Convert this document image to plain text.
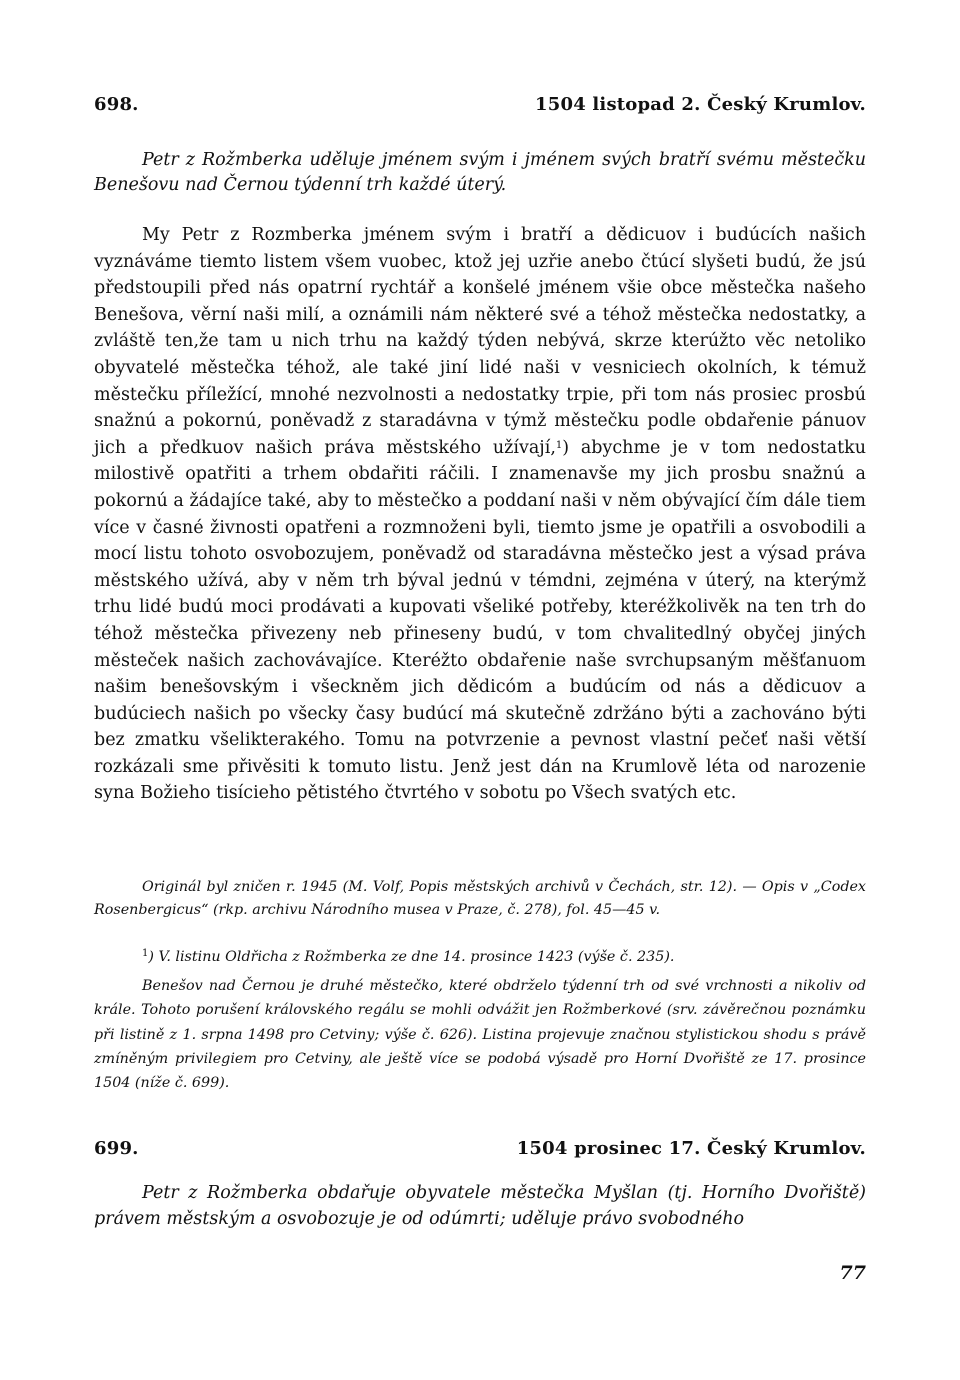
698.	1504 listopad 2. Český Krumlov.

Petr z Rožmberka uděluje jménem svým i jménem svých bratří svému městečku Benešovu nad Černou týdenní trh každé úterý.

My Petr z Rozmberka jménem svým i bratří a dědicuov i budúcích našich vyznáváme tiemto listem všem vuobec, ktož jej uzřie anebo čtúcí slyšeti budú, že jsú předstoupili před nás opatrní rychtář a konšelé jménem všie obce městečka našeho Benešova, věrní naši milí, a oznámili nám některé své a téhož městečka nedostatky, a zvláště ten,že tam u nich trhu na každý týden nebývá, skrze kterúžto věc netoliko obyvatelé městečka téhož, ale také jiní lidé naši v vesniciech okolních, k témuž městečku příležící, mnohé nezvolnosti a nedostatky trpie, při tom nás prosiec prosbú snažnú a pokornú, poněvadž z staradávna v týmž městečku podle obdařenie pánuov jich a předkuov našich práva městského užívají,$^1$) abychme je v tom nedostatku milostivě opatřiti a trhem obdařiti ráčili. I znamenavše my jich prosbu snažnú a pokornú a žádajíce také, aby to městečko a poddaní naši v něm obývající čím dále tiem více v časné živnosti opatřeni a rozmnoženi byli, tiemto jsme je opatřili a osvobodili a mocí listu tohoto osvobozujem, poněvadž od staradávna městečko jest a výsad práva městského užívá, aby v něm trh býval jednú v témdni, zejména v úterý, na kterýmž trhu lidé budú moci prodávati a kupovati všeliké potřeby, kteréžkolivěk na ten trh do téhož městečka přivezeny neb přineseny budú, v tom chvalitedlný obyčej jiných městeček našich zachovávajíce. Kteréžto obdařenie naše svrchupsaným měšťanuom našim benešovským i všeckněm jich dědicóm a budúcím od nás a dědicuov a budúciech našich po všecky časy budúcí má skutečně zdržáno býti a zachováno býti bez zmatku všelikterakého. Tomu na potvrzenie a pevnost vlastní pečeť naši větší rozkázali sme přivěsiti k tomuto listu. Jenž jest dán na Krumlově léta od narozenie syna Božieho tisícieho pětistého čtvrtého v sobotu po Všech svatých etc.

Originál byl zničen r. 1945 (M. Volf, Popis městských archivů v Čechách, str. 12). — Opis v „Codex Rosenbergicus“ (rkp. archivu Národního musea v Praze, č. 278), fol. 45—45 v.

$^1$) V. listinu Oldřicha z Rožmberka ze dne 14. prosince 1423 (výše č. 235).

Benešov nad Černou je druhé městečko, které obdrželo týdenní trh od své vrchnosti a nikoliv od krále. Tohoto porušení královského regálu se mohli odvážit jen Rožmberkové (srv. závěrečnou poznámku při listině z 1. srpna 1498 pro Cetviny; výše č. 626). Listina projevuje značnou stylistickou shodu s právě zmíněným privilegiem pro Cetviny, ale ještě více se podobá výsadě pro Horní Dvořiště ze 17. prosince 1504 (níže č. 699).

699.	1504 prosinec 17. Český Krumlov.

Petr z Rožmberka obdařuje obyvatele městečka Myšlan (tj. Horního Dvořiště) právem městským a osvobozuje je od odúmrti; uděluje právo svobodného

77
